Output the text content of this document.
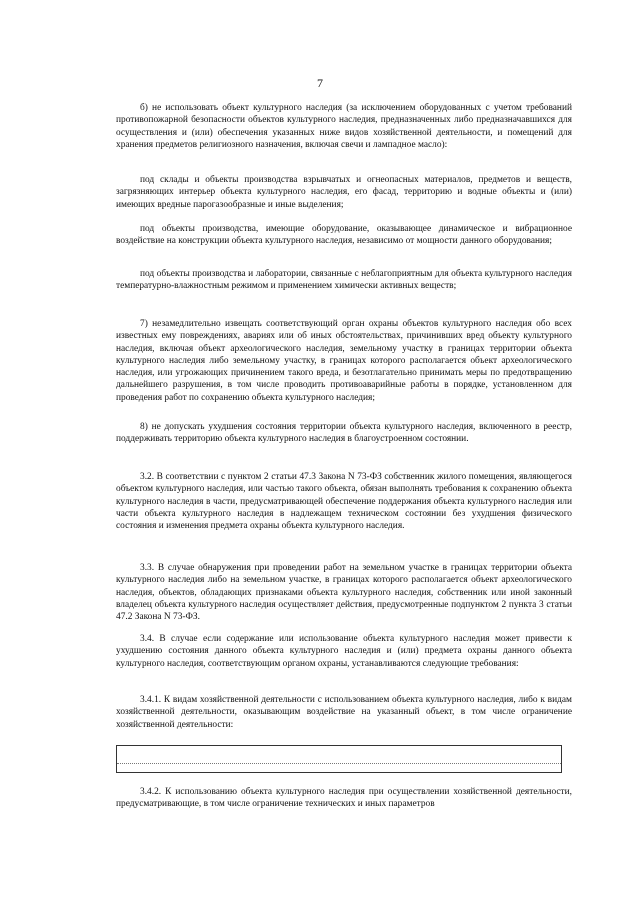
7

б) не использовать объект культурного наследия (за исключением оборудованных с учетом требований противопожарной безопасности объектов культурного наследия, предназначенных либо предназначавшихся для осуществления и (или) обеспечения указанных ниже видов хозяйственной деятельности, и помещений для хранения предметов религиозного назначения, включая свечи и лампадное масло):

под склады и объекты производства взрывчатых и огнеопасных материалов, предметов и веществ, загрязняющих интерьер объекта культурного наследия, его фасад, территорию и водные объекты и (или) имеющих вредные парогазообразные и иные выделения;

под объекты производства, имеющие оборудование, оказывающее динамическое и вибрационное воздействие на конструкции объекта культурного наследия, независимо от мощности данного оборудования;

под объекты производства и лаборатории, связанные с неблагоприятным для объекта культурного наследия температурно-влажностным режимом и применением химически активных веществ;

7) незамедлительно извещать соответствующий орган охраны объектов культурного наследия обо всех известных ему повреждениях, авариях или об иных обстоятельствах, причинивших вред объекту культурного наследия, включая объект археологического наследия, земельному участку в границах территории объекта культурного наследия либо земельному участку, в границах которого располагается объект археологического наследия, или угрожающих причинением такого вреда, и безотлагательно принимать меры по предотвращению дальнейшего разрушения, в том числе проводить противоаварийные работы в порядке, установленном для проведения работ по сохранению объекта культурного наследия;

8) не допускать ухудшения состояния территории объекта культурного наследия, включенного в реестр, поддерживать территорию объекта культурного наследия в благоустроенном состоянии.

3.2. В соответствии с пунктом 2 статьи 47.3 Закона N 73-ФЗ собственник жилого помещения, являющегося объектом культурного наследия, или частью такого объекта, обязан выполнять требования к сохранению объекта культурного наследия в части, предусматривающей обеспечение поддержания объекта культурного наследия или части объекта культурного наследия в надлежащем техническом состоянии без ухудшения физического состояния и изменения предмета охраны объекта культурного наследия.

3.3. В случае обнаружения при проведении работ на земельном участке в границах территории объекта культурного наследия либо на земельном участке, в границах которого располагается объект археологического наследия, объектов, обладающих признаками объекта культурного наследия, собственник или иной законный владелец объекта культурного наследия осуществляет действия, предусмотренные подпунктом 2 пункта 3 статьи 47.2 Закона N 73-ФЗ.

3.4. В случае если содержание или использование объекта культурного наследия может привести к ухудшению состояния данного объекта культурного наследия и (или) предмета охраны данного объекта культурного наследия, соответствующим органом охраны, устанавливаются следующие требования:

3.4.1. К видам хозяйственной деятельности с использованием объекта культурного наследия, либо к видам хозяйственной деятельности, оказывающим воздействие на указанный объект, в том числе ограничение хозяйственной деятельности:

3.4.2. К использованию объекта культурного наследия при осуществлении хозяйственной деятельности, предусматривающие, в том числе ограничение технических и иных параметров
